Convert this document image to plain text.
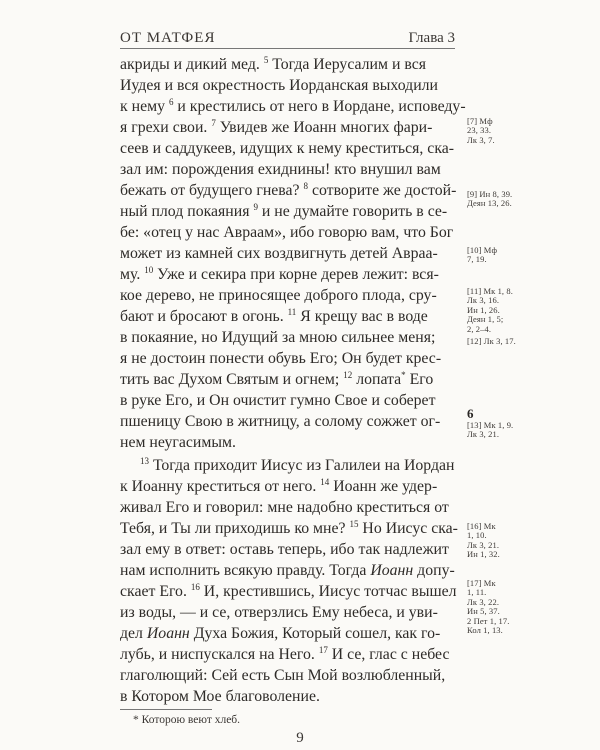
ОТ МАТФЕЯ	Глава 3
акриды и дикий мед. $^5$ Тогда Иерусалим и вся
Иудея и вся окрестность Иорданская выходили
к нему $^6$ и крестились от него в Иордане, исповеду-
я грехи свои. $^7$ Увидев же Иоанн многих фари-
сеев и саддукеев, идущих к нему креститься, ска-
зал им: порождения ехиднины! кто внушил вам
бежать от будущего гнева? $^8$ сотворите же достой-
ный плод покаяния $^9$ и не думайте говорить в се-
бе: «отец у нас Авраам», ибо говорю вам, что Бог
может из камней сих воздвигнуть детей Авраа-
му. $^{10}$ Уже и секира при корне дерев лежит: вся-
кое дерево, не приносящее доброго плода, сру-
бают и бросают в огонь. $^{11}$ Я крещу вас в воде
в покаяние, но Идущий за мною сильнее меня;
я не достоин понести обувь Его; Он будет крес-
тить вас Духом Святым и огнем; $^{12}$ лопата* Его
в руке Его, и Он очистит гумно Свое и соберет
пшеницу Свою в житницу, а солому сожжет ог-
нем неугасимым.
$^{13}$ Тогда приходит Иисус из Галилеи на Иордан
к Иоанну креститься от него. $^{14}$ Иоанн же удер-
живал Его и говорил: мне надобно креститься от
Тебя, и Ты ли приходишь ко мне? $^{15}$ Но Иисус ска-
зал ему в ответ: оставь теперь, ибо так надлежит
нам исполнить всякую правду. Тогда Иоанн допу-
скает Его. $^{16}$ И, крестившись, Иисус тотчас вышел
из воды, — и се, отверзлись Ему небеса, и уви-
дел Иоанн Духа Божия, Который сошел, как го-
лубь, и ниспускался на Него. $^{17}$ И се, глас с небес
глаголющий: Сей есть Сын Мой возлюбленный,
в Котором Мое благоволение.
[7] Мф
23, 33.
Лк 3, 7.
[9] Ин 8, 39.
Деян 13, 26.
[10] Мф
7, 19.
[11] Мк 1, 8.
Лк 3, 16.
Ин 1, 26.
Деян 1, 5;
2, 2–4.
[12] Лк 3, 17.
6
[13] Мк 1, 9.
Лк 3, 21.
[16] Мк
1, 10.
Лк 3, 21.
Ин 1, 32.
[17] Мк
1, 11.
Лк 3, 22.
Ин 5, 37.
2 Пет 1, 17.
Кол 1, 13.
* Которою веют хлеб.
9
